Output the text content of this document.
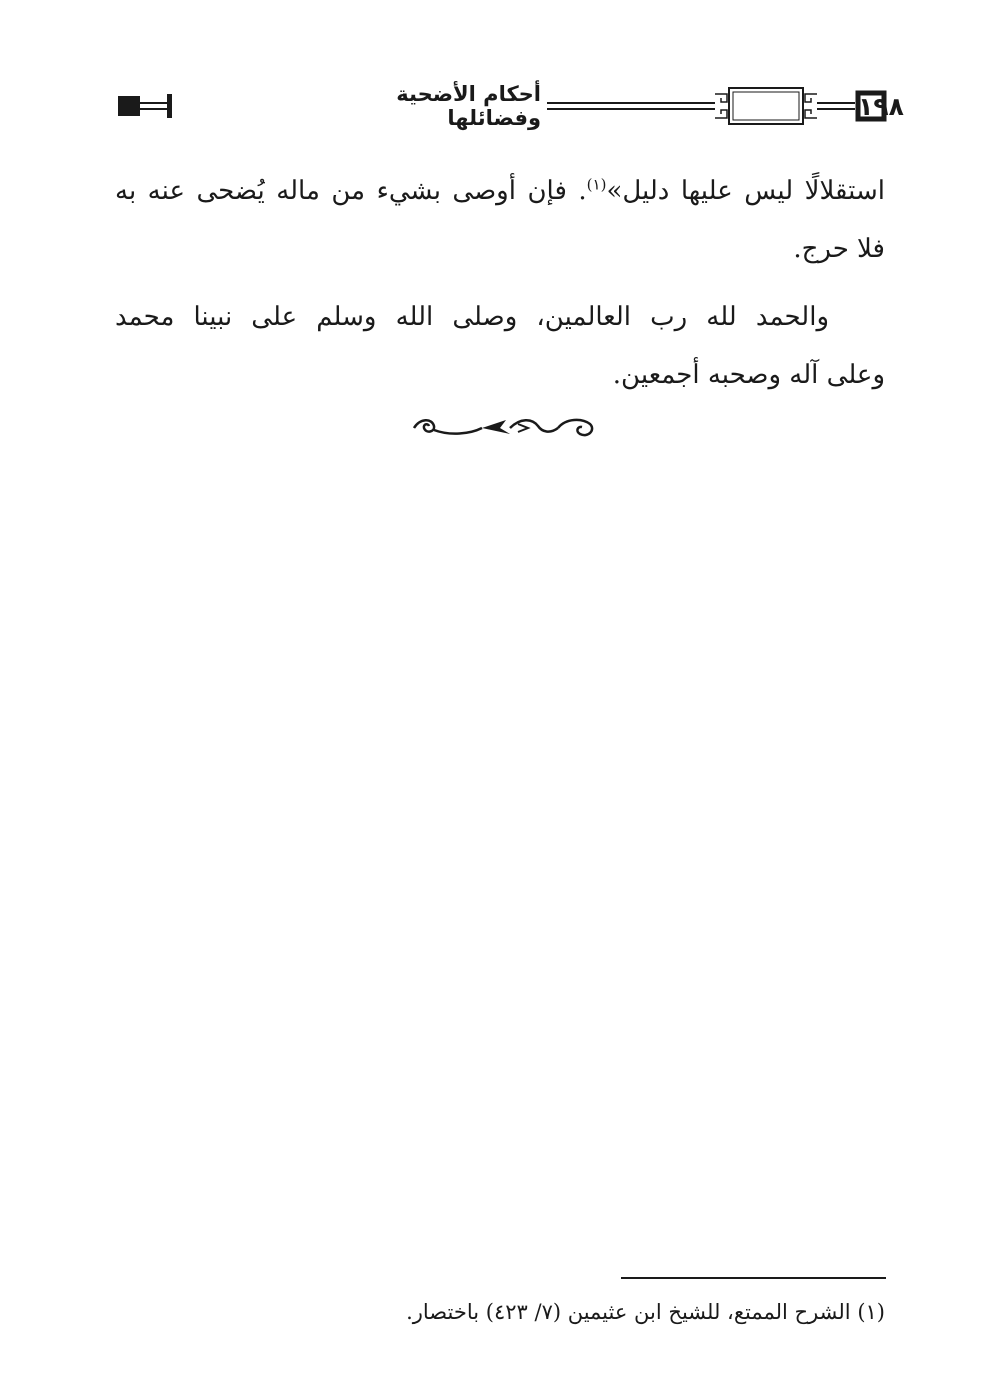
أحكام الأضحية وفضائلها	١٩٨

استقلالًا ليس عليها دليل»$^{(١)}$. فإن أوصى بشيء من ماله يُضحى عنه به
فلا حرج.

والحمد لله رب العالمين، وصلى الله وسلم على نبينا محمد

وعلى آله وصحبه أجمعين.

(١) الشرح الممتع، للشيخ ابن عثيمين (٧/ ٤٢٣) باختصار.
